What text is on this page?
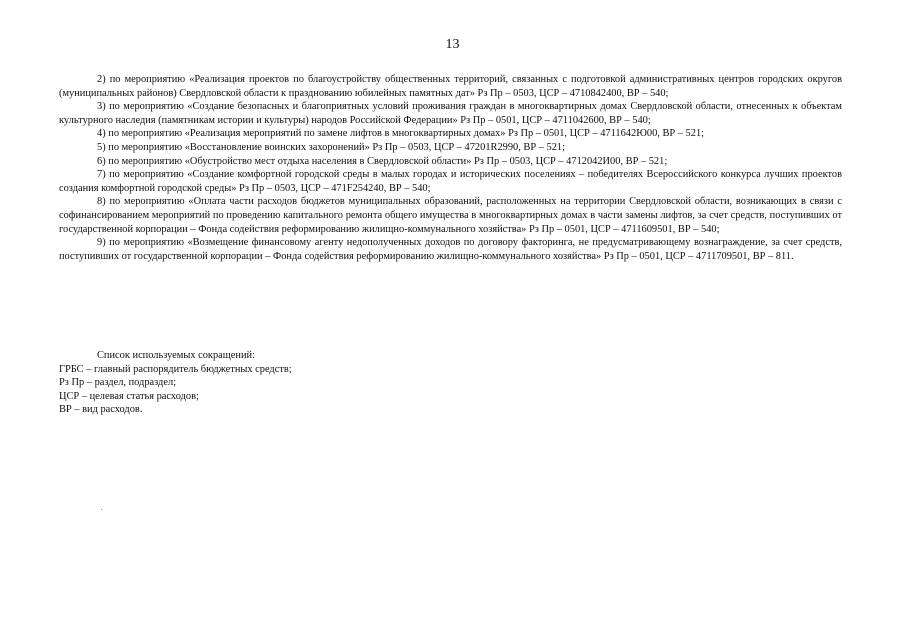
13

2) по мероприятию «Реализация проектов по благоустройству общественных территорий, связанных с подготовкой административных центров городских округов (муниципальных районов) Свердловской области к празднованию юбилейных памятных дат» Рз Пр – 0503, ЦСР – 4710842400, ВР – 540;

3) по мероприятию «Создание безопасных и благоприятных условий проживания граждан в многоквартирных домах Свердловской области, отнесенных к объектам культурного наследия (памятникам истории и культуры) народов Российской Федерации» Рз Пр – 0501, ЦСР – 4711042600, ВР – 540;

4) по мероприятию «Реализация мероприятий по замене лифтов в многоквартирных домах» Рз Пр – 0501, ЦСР – 4711642Ю00, ВР – 521;

5) по мероприятию «Восстановление воинских захоронений» Рз Пр – 0503, ЦСР – 47201R2990, ВР – 521;

6) по мероприятию «Обустройство мест отдыха населения в Свердловской области» Рз Пр – 0503, ЦСР – 4712042И00, ВР – 521;

7) по мероприятию «Создание комфортной городской среды в малых городах и исторических поселениях – победителях Всероссийского конкурса лучших проектов создания комфортной городской среды» Рз Пр – 0503, ЦСР – 471F254240, ВР – 540;

8) по мероприятию «Оплата части расходов бюджетов муниципальных образований, расположенных на территории Свердловской области, возникающих в связи с софинансированием мероприятий по проведению капитального ремонта общего имущества в многоквартирных домах в части замены лифтов, за счет средств, поступивших от государственной корпорации – Фонда содействия реформированию жилищно-коммунального хозяйства» Рз Пр – 0501, ЦСР – 4711609501, ВР – 540;

9) по мероприятию «Возмещение финансовому агенту недополученных доходов по договору факторинга, не предусматривающему вознаграждение, за счет средств, поступивших от государственной корпорации – Фонда содействия реформированию жилищно-коммунального хозяйства» Рз Пр – 0501, ЦСР – 4711709501, ВР – 811.

Список используемых сокращений:

ГРБС – главный распорядитель бюджетных средств;

Рз Пр – раздел, подраздел;

ЦСР – целевая статья расходов;

ВР – вид расходов.
